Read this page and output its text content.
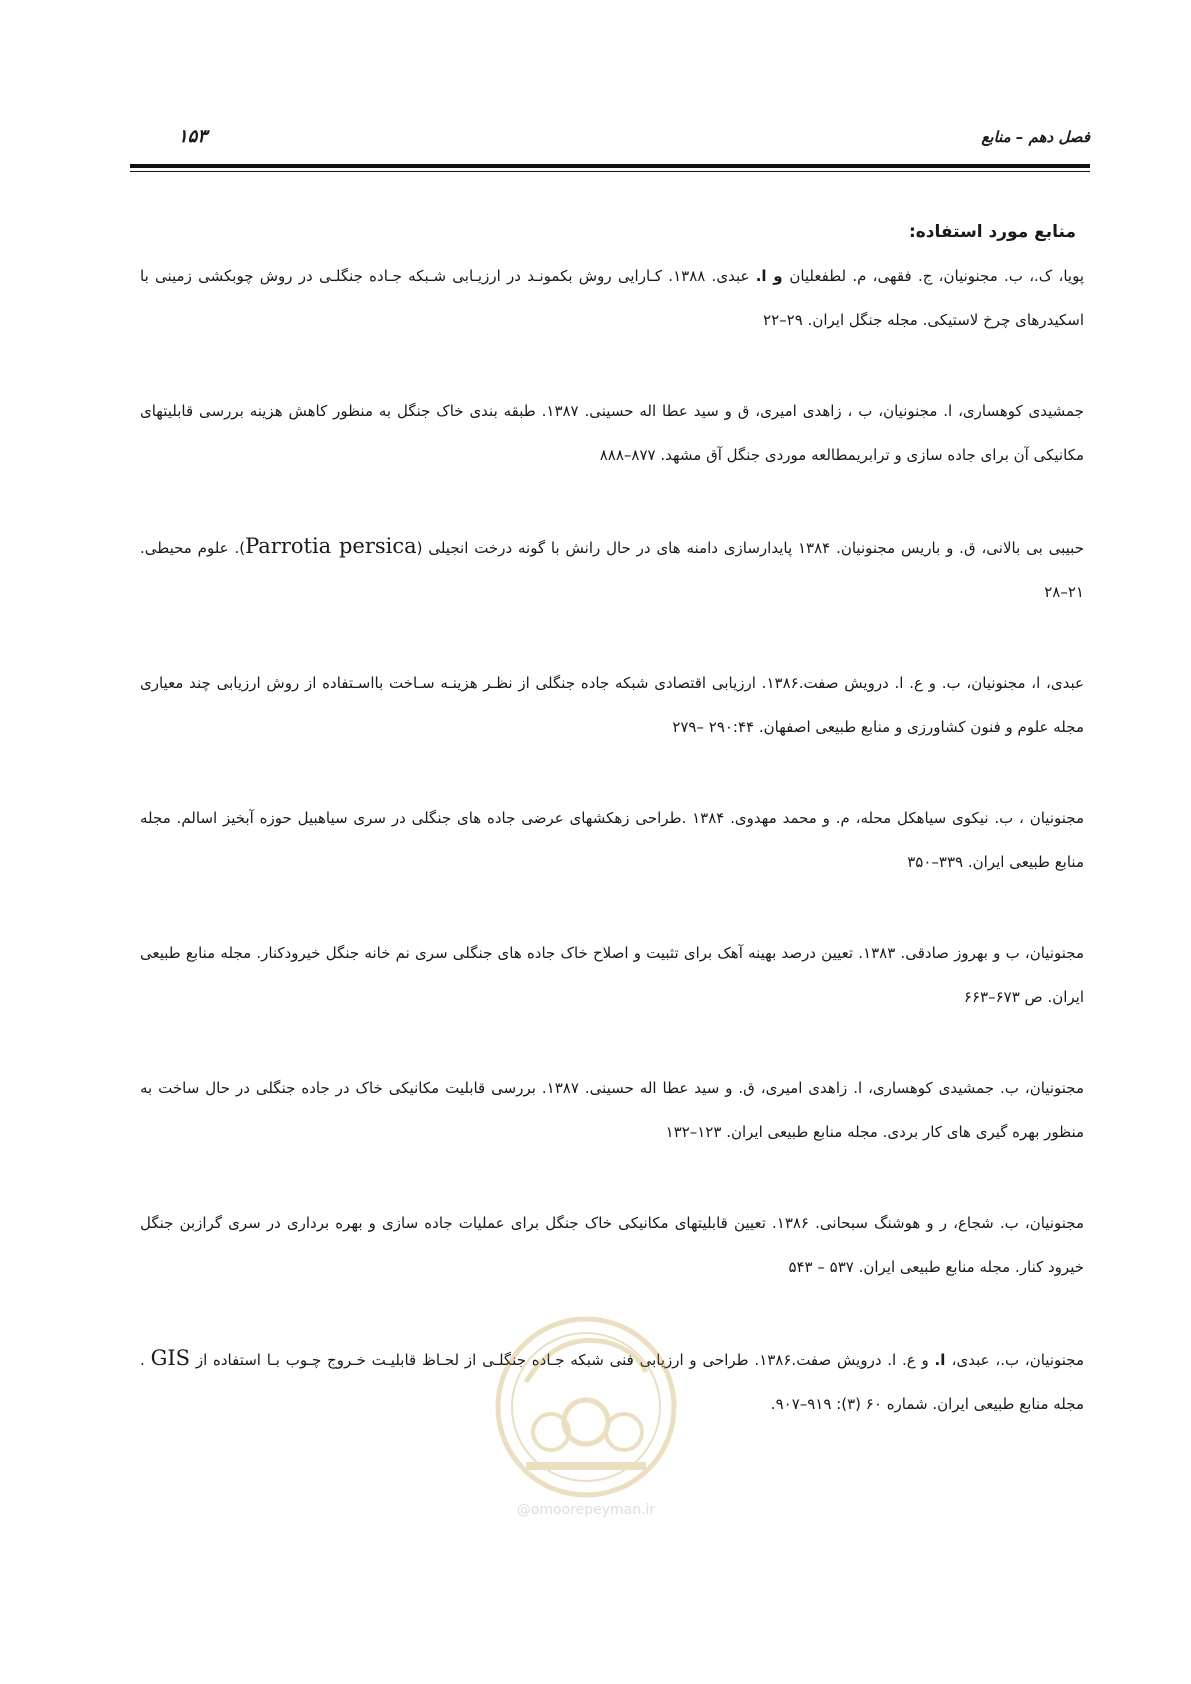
فصل دهم – منابع
۱۵۳
منابع مورد استفاده:

پویا، ک.، ب. مجنونیان، ج. فقهی، م. لطفعلیان و ا. عبدی. ۱۳۸۸. کـارایی روش بکمونـد در ارزیـابی شـبکه جـاده جنگلـی در روش چوبکشی زمینی با اسکیدرهای چرخ لاستیکی. مجله جنگل ایران. ۲۹–۲۲

جمشیدی کوهساری، ا. مجنونیان، ب ، زاهدی امیری، ق و سید عطا اله حسینی. ۱۳۸۷. طبقه بندی خاک جنگل به منظور کاهش هزینه بررسی قابلیتهای مکانیکی آن برای جاده سازی و ترابریمطالعه موردی جنگل آق مشهد. ۸۷۷–۸۸۸

حبیبی بی بالانی، ق. و باریس مجنونیان. ۱۳۸۴ پایدارسازی دامنه های در حال رانش با گونه درخت انجیلی (Parrotia persica). علوم محیطی. ۲۱–۲۸

عبدی، ا، مجنونیان، ب. و ع. ا. درویش صفت.۱۳۸۶. ارزیابی اقتصادی شبکه جاده جنگلی از نظـر هزینـه سـاخت بااسـتفاده از روش ارزیابی چند معیاری مجله علوم و فنون کشاورزی و منابع طبیعی اصفهان. ۲۹۰:۴۴ –۲۷۹

مجنونیان ، ب. نیکوی سیاهکل محله، م. و محمد مهدوی. ۱۳۸۴ .طراحی زهکشهای عرضی جاده های جنگلی در سری سیاهبیل حوزه آبخیز اسالم. مجله منابع طبیعی ایران. ۳۳۹–۳۵۰

مجنونیان، ب و بهروز صادقی. ۱۳۸۳. تعیین درصد بهینه آهک برای تثبیت و اصلاح خاک جاده های جنگلی سری نم خانه جنگل خیرودکنار. مجله منابع طبیعی ایران. ص ۶۷۳–۶۶۳

مجنونیان، ب. جمشیدی کوهساری، ا. زاهدی امیری، ق. و سید عطا اله حسینی. ۱۳۸۷. بررسی قابلیت مکانیکی خاک در جاده جنگلی در حال ساخت به منظور بهره گیری های کار بردی. مجله منابع طبیعی ایران. ۱۲۳–۱۳۲

مجنونیان، ب. شجاع، ر و هوشنگ سبحانی. ۱۳۸۶. تعیین قابلیتهای مکانیکی خاک جنگل برای عملیات جاده سازی و بهره برداری در سری گرازبن جنگل خیرود کنار. مجله منابع طبیعی ایران. ۵۳۷ – ۵۴۳

مجنونیان، ب.، عبدی، ا. و ع. ا. درویش صفت.۱۳۸۶. طراحی و ارزیابی فنی شبکه جـاده جنگلـی از لحـاظ قابلیـت خـروج چـوب بـا استفاده از GIS . مجله منابع طبیعی ایران. شماره ۶۰ (۳): ۹۱۹–۹۰۷.

@omoorepeyman.ir
